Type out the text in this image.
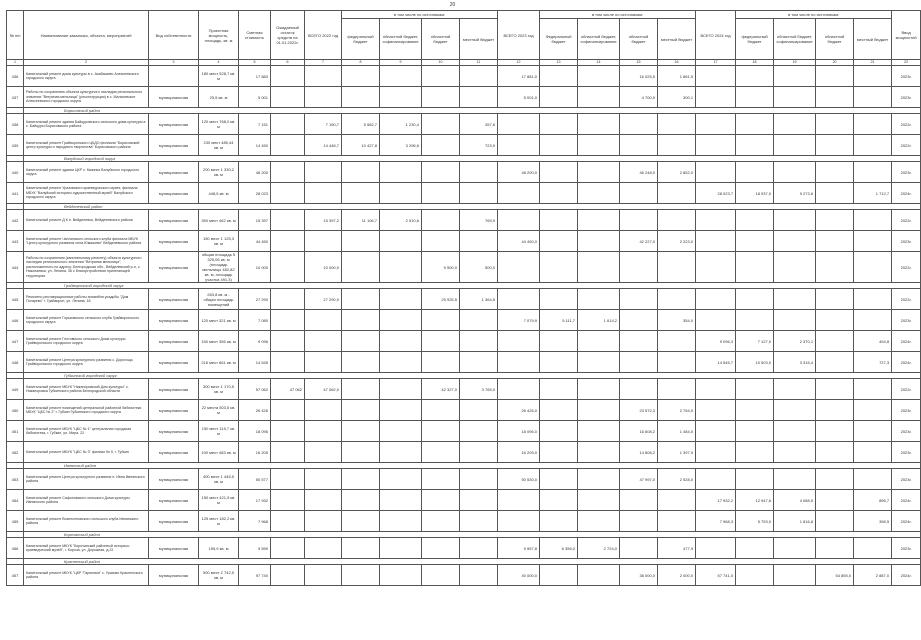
20
№ п/п	Наименование заказчика, объекта, мероприятий	Вид собственности	Проектная мощность, площадь, кв. м	Сметная стоимость	Ожидаемый остаток средств на 01.01.2022г.	ВСЕГО 2022 год	в том числе по источникам:				ВСЕГО 2023 год	в том числе по источникам:				ВСЕГО 2024 год	в том числе по источникам:				Ввод мощностей
							федеральный бюджет	областной бюджет, софинансирование	областной бюджет	местный бюджет		Федеральный бюджет	областной бюджет, софинансирование	областной бюджет	местный бюджет		федеральный бюджет	областной бюджет, софинансирование	областной бюджет	местный бюджет	
1	2	3	4	5	6	7	8	9	10	11	12	13	14	15	16	17	18	19	20	21	22
436	Капитальный ремонт дома культуры в с. Акабашево Алексеевского городского округа		180 мест 528,7 кв. м	17 883							17 881,0			16 025,5	1 861,5						2023г.
437	Работы по сохранению объекта культурного наследия регионального значения "Ветряная мельница" (реконструкция) в с. Мальчевское Алексеевского городского округа	муниципальная	25,5 кв. м	5 001							5 001,0			4 700,9	300,1						2023г.
	Борисовский район																				
438	Капитальный ремонт здания Байцуровского сельского дома культуры в с. Байцуры Борисовского района	муниципальная	120 мест 768,0 кв. м	7 151		7 150,7	5 562,7	1 230,4		357,6											2022г.
439	Капитальный ремонт Грайворонского ЦКДО филиала "Борисовский центр культуры и народного творчества" Борисовского района	муниципальная	230 мест 485,44 кв. м	14 450		14 448,7	10 427,8	3 296,6		723,9											2022г.
	Валуйский городской округ																				
440	Капитальный ремонт здания ЦКР с. Казинка Валуйского городского округа	муниципальная	200 мест 1 330,2 кв. м	48 200							48 200,0			46 248,0	2 852,0						2023г.
441	Капитальный ремонт Уразовского краеведческого музея, филиала МБУК "Валуйский историко-художественный музей" Валуйского городского округа	муниципальная	448,5 кв. м	28 023												28 023,7	18 937,0	9 273,6		1 712,7	2024г.
	Вейделевский район																				
442	Капитальный ремонт Д.К п. Вейделевка, Вейделевского района	муниципальная	350 мест 462 кв. м	15 397		15 397,2	11 106,7	2 510,6		769,9											2022г.
443	Капитальный ремонт Чаплинского сельского клуба филиала МБУК "Центр культурного развития села Юмашево" Вейделевского района	муниципальная	150 мест 1 125,3 кв. м	44 450							44 450,0			42 227,0	2 223,0						2023г.
444	Работы по сохранению (капитальному ремонту) объекта культурного наследия регионального значения "Ветряная мельница", расположенного по адресу: Белгородская обл., Вейделевский р-н, с. Николаевка, ул. Ленина, 36 с благоустройством прилегающей территории	муниципальная	общая площадь 5 325,06 кв. м (площадь мельницы 482,82 кв. м, площадь участка 491,3)	10 000		10 000,0			9 500,0	500,0											2022г.
	Грайворонский городской округ																				
445	Ремонтно-реставрационные работы ансамбля усадьбы "Дом Погарево" г. Грайворон, ул. Ленина, 18	муниципальная	283,8 кв. м - общая площадь помещений	27 290		27 290,0			25 925,5	1 364,5											2022г.
446	Капитальный ремонт Горьковского сельского клуба Грайворонского городского округа	муниципальная	120 мест 321 кв. м	7 080							7 079,9	5 111,7	1 614,2		354,0						2023г.
447	Капитальный ремонт Глотовского сельского Дома культуры Грайворонского городского округа	муниципальная	150 мест 356 кв. м	9 096												9 096,3	7 127,0	2 370,1		494,8	2024г.
448	Капитальный ремонт Центра культурного развития с. Дорогощь Грайворонского городского округа	муниципальная	216 мест 661 кв. м	14 545												14 545,7	10 503,0	3 316,4		727,3	2024г.
	Губкинский городской округ																				
449	Капитальный ремонт МБУК "Никаноровский Дом культуры" с. Никаноровка Губкинского района Белгородской области	муниципальная	300 мест 1 170,5 кв. м	57 062	47 062	47 062,0			42 327,0	3 765,0											2022г.
450	Капитальный ремонт помещений центральной районной библиотеки МБУК "ЦБС № 2" г. Губкин Губкинского городского округа	муниципальная	22 места 503,5 кв. м	26 426							26 426,0			23 572,3	2 754,5						2023г.
451	Капитальный ремонт МБУК "ЦБС № 1" центральная городская библиотека, г. Губкин, ул. Мира, 22	муниципальная	150 мест 119,7 кв. м	18 096							18 096,0			16 608,2	1 484,0						2023г.
452	Капитальный ремонт МБУК "ЦБС № 3" филиал № 5, г. Губкин	муниципальная	190 мест 483 кв. м	16 205							16 205,0			14 808,2	1 397,0						2023г.
	Ивнянский район																				
453	Капитальный ремонт Центра культурного развития п. Ивня Ивнянского района	муниципальная	400 мест 1 445,5 кв. м	50 577							50 530,0			47 997,0	2 528,0						2023г.
454	Капитальный ремонт Сафоновского сельского Дома культуры Ивнянского района	муниципальная	150 мест 421,5 кв. м	17 932												17 932,2	12 947,6	4 088,5		896,7	2024г.
455	Капитальный ремонт Вознесеновского сельского клуба Ивнянского района	муниципальная	125 мест 182,2 кв. м	7 968												7 968,3	5 753,0	1 816,8		398,5	2024г.
	Корочанский район																				
456	Капитальный ремонт МКУК "Корочанский районный историко-краеведческий музей", г. Короча, ул. Дорожная, д.22	муниципальная	155,9 кв. м	9 559							9 557,8	6 356,0	2 724,0		477,9						2023г.
	Красненский район																				
457	Капитальный ремонт МКУК "ЦКР "Гармония" с. Уразово Красненского района	муниципальная	500 мест 2 742,5 кв. м	97 740							40 000,0			38 000,0	2 000,0	57 741,0			54 855,0	2 887,0	2024г.
